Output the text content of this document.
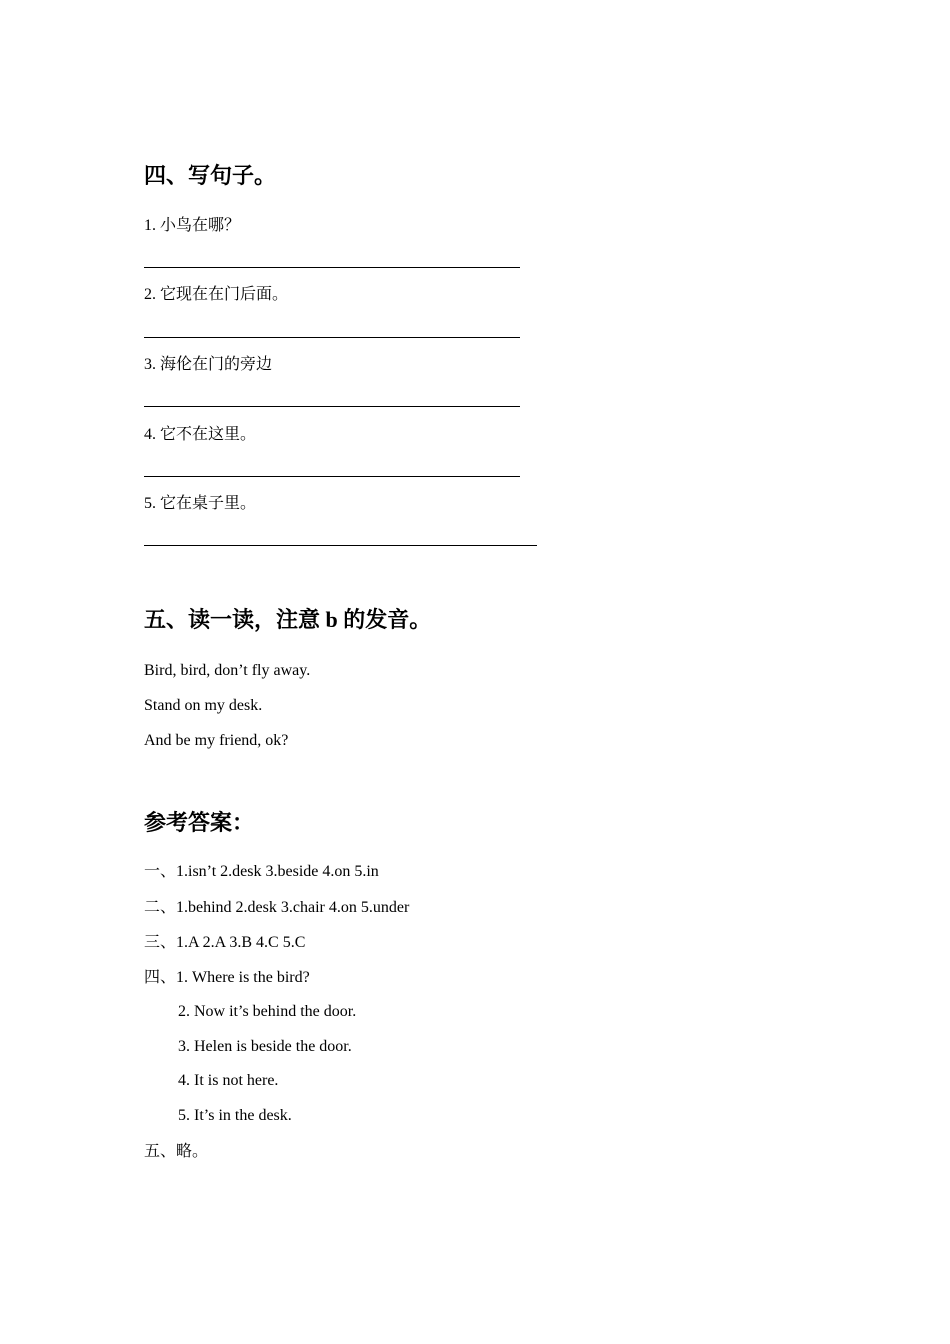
四、写句子。
1. 小鸟在哪？
2. 它现在在门后面。
3. 海伦在门的旁边
4. 它不在这里。
5. 它在桌子里。
五、读一读，注意 b 的发音。
Bird, bird, don’t fly away.
Stand on my desk.
And be my friend, ok?
参考答案：
一、1.isn’t 2.desk 3.beside 4.on 5.in
二、1.behind 2.desk 3.chair 4.on 5.under
三、1.A 2.A 3.B 4.C 5.C
四、1. Where is the bird?
2. Now it’s behind the door.
3. Helen is beside the door.
4. It is not here.
5. It’s in the desk.
五、略。
